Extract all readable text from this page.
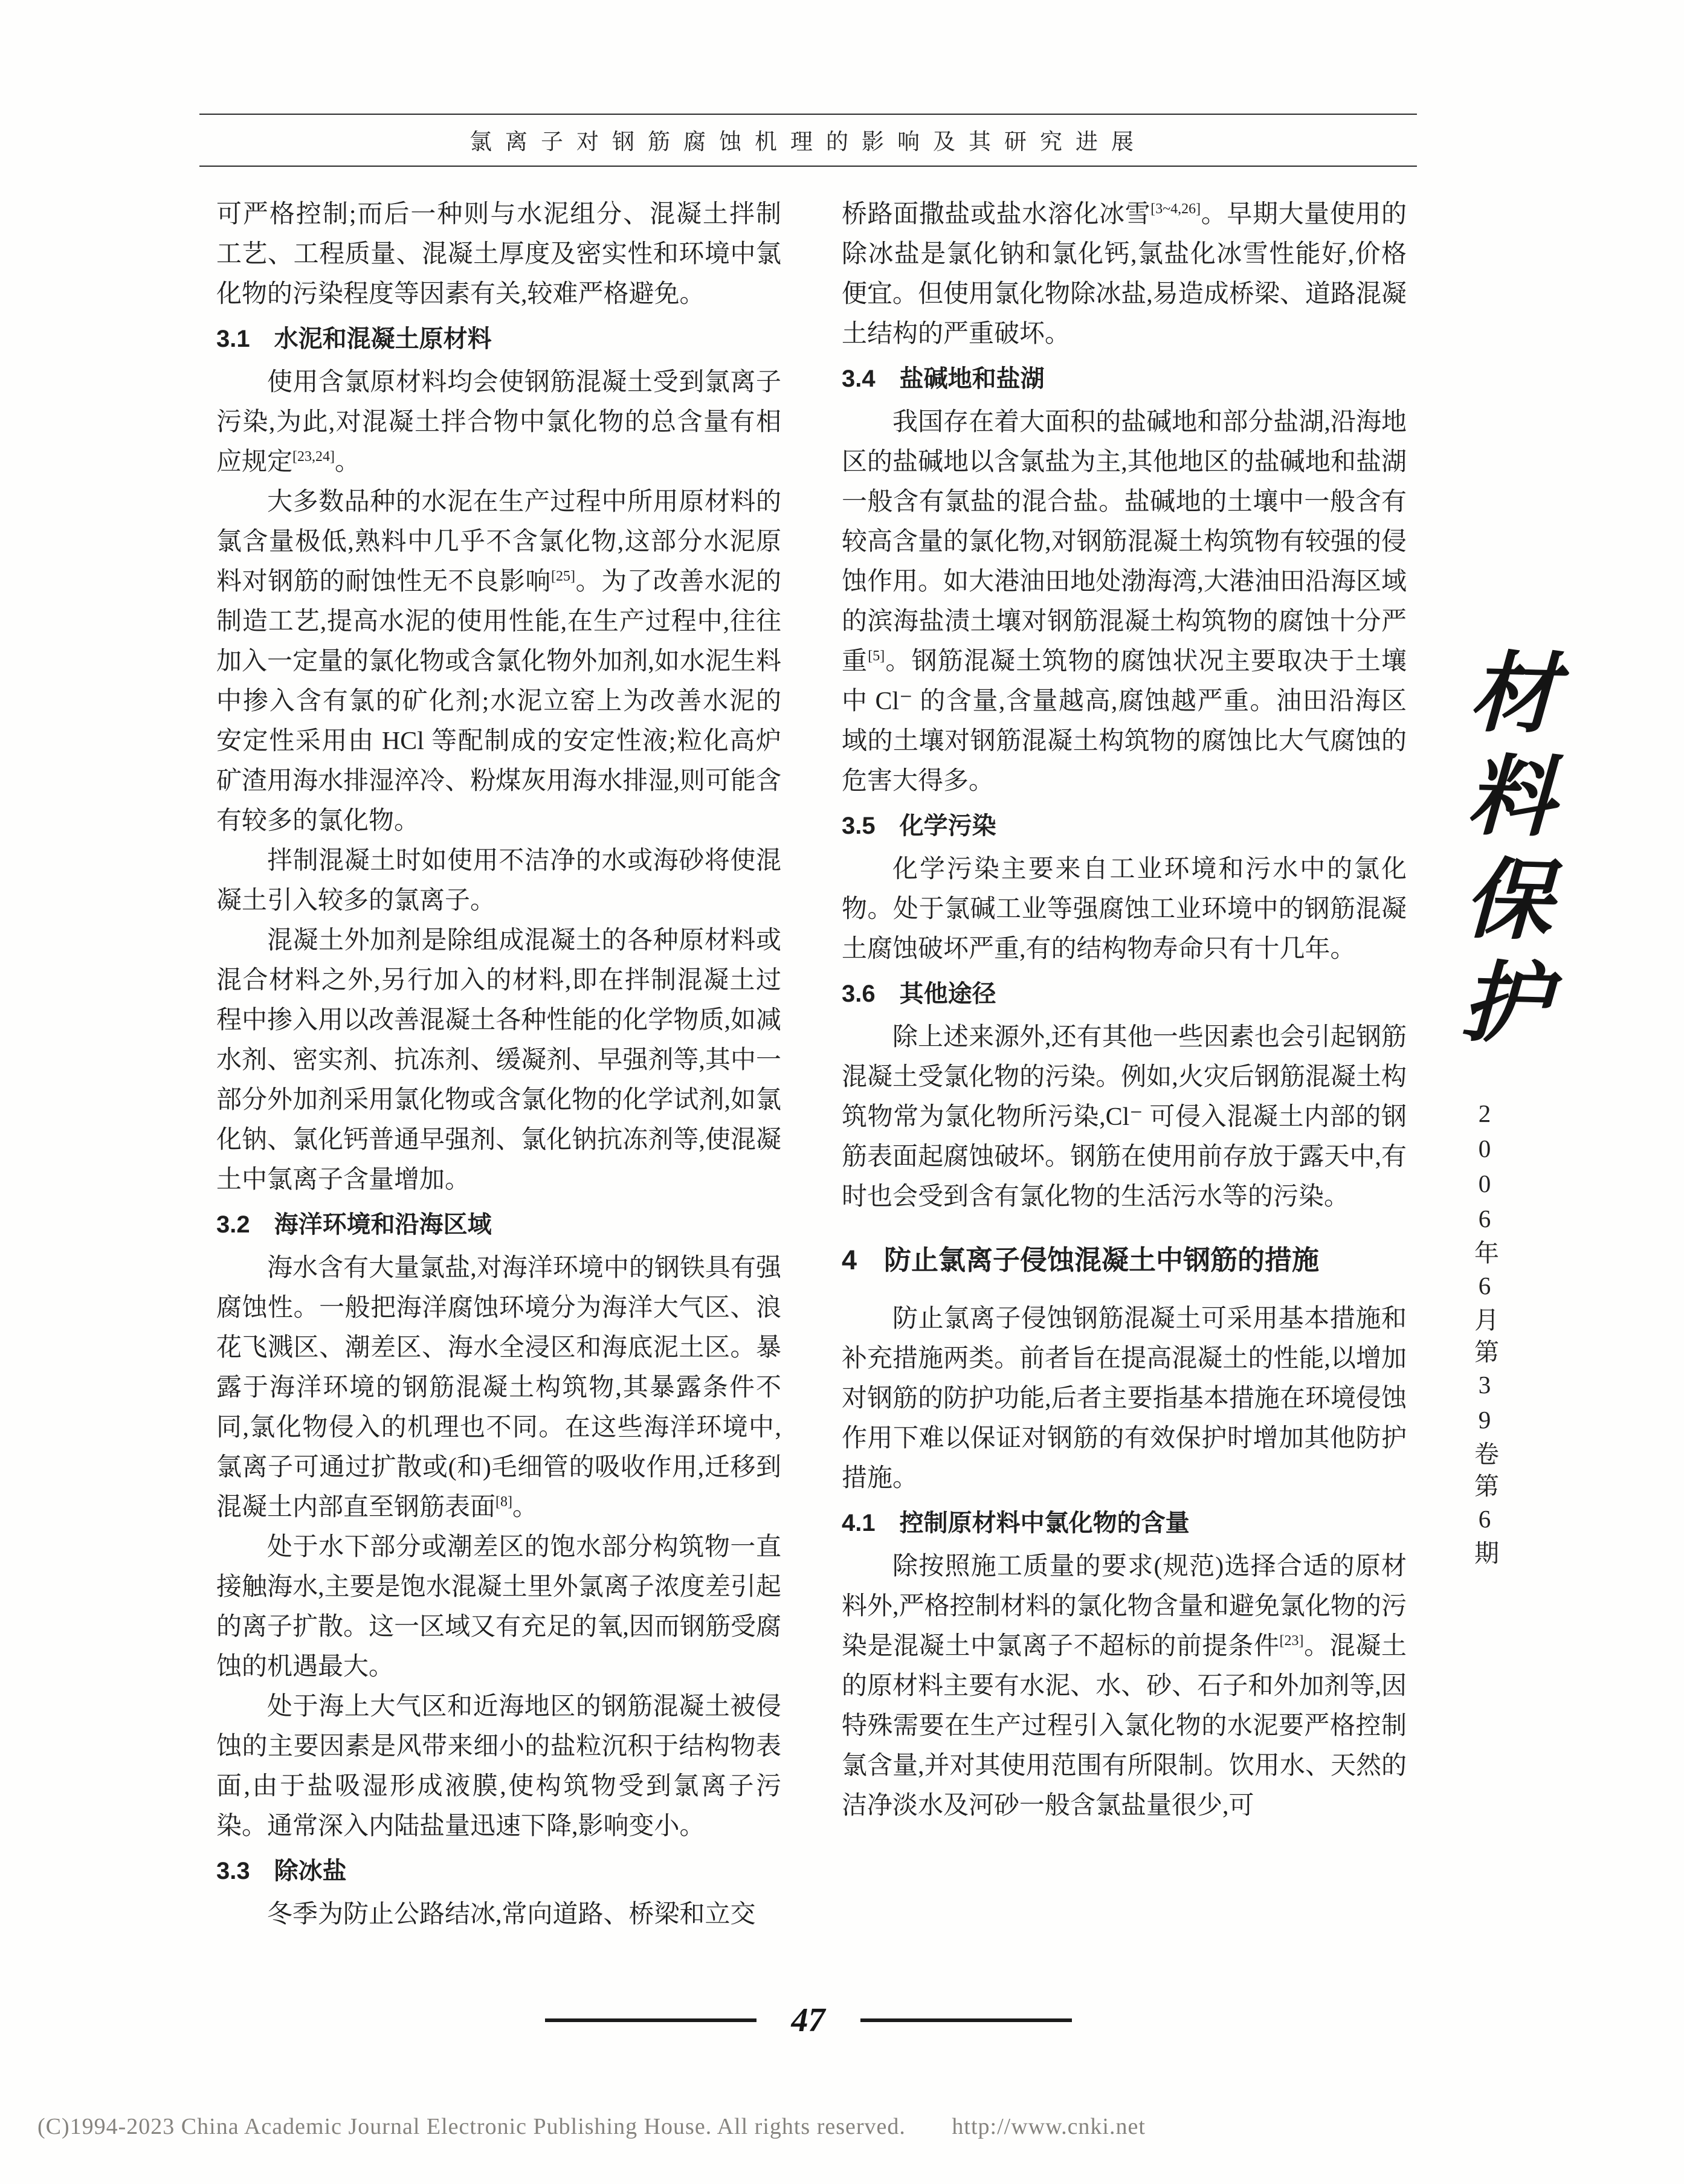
氯离子对钢筋腐蚀机理的影响及其研究进展
可严格控制;而后一种则与水泥组分、混凝土拌制工艺、工程质量、混凝土厚度及密实性和环境中氯化物的污染程度等因素有关,较难严格避免。
3.1　水泥和混凝土原材料
使用含氯原材料均会使钢筋混凝土受到氯离子污染,为此,对混凝土拌合物中氯化物的总含量有相应规定[23,24]。
大多数品种的水泥在生产过程中所用原材料的氯含量极低,熟料中几乎不含氯化物,这部分水泥原料对钢筋的耐蚀性无不良影响[25]。为了改善水泥的制造工艺,提高水泥的使用性能,在生产过程中,往往加入一定量的氯化物或含氯化物外加剂,如水泥生料中掺入含有氯的矿化剂;水泥立窑上为改善水泥的安定性采用由 HCl 等配制成的安定性液;粒化高炉矿渣用海水排湿淬冷、粉煤灰用海水排湿,则可能含有较多的氯化物。
拌制混凝土时如使用不洁净的水或海砂将使混凝土引入较多的氯离子。
混凝土外加剂是除组成混凝土的各种原材料或混合材料之外,另行加入的材料,即在拌制混凝土过程中掺入用以改善混凝土各种性能的化学物质,如减水剂、密实剂、抗冻剂、缓凝剂、早强剂等,其中一部分外加剂采用氯化物或含氯化物的化学试剂,如氯化钠、氯化钙普通早强剂、氯化钠抗冻剂等,使混凝土中氯离子含量增加。
3.2　海洋环境和沿海区域
海水含有大量氯盐,对海洋环境中的钢铁具有强腐蚀性。一般把海洋腐蚀环境分为海洋大气区、浪花飞溅区、潮差区、海水全浸区和海底泥土区。暴露于海洋环境的钢筋混凝土构筑物,其暴露条件不同,氯化物侵入的机理也不同。在这些海洋环境中,氯离子可通过扩散或(和)毛细管的吸收作用,迁移到混凝土内部直至钢筋表面[8]。
处于水下部分或潮差区的饱水部分构筑物一直接触海水,主要是饱水混凝土里外氯离子浓度差引起的离子扩散。这一区域又有充足的氧,因而钢筋受腐蚀的机遇最大。
处于海上大气区和近海地区的钢筋混凝土被侵蚀的主要因素是风带来细小的盐粒沉积于结构物表面,由于盐吸湿形成液膜,使构筑物受到氯离子污染。通常深入内陆盐量迅速下降,影响变小。
3.3　除冰盐
冬季为防止公路结冰,常向道路、桥梁和立交
桥路面撒盐或盐水溶化冰雪[3~4,26]。早期大量使用的除冰盐是氯化钠和氯化钙,氯盐化冰雪性能好,价格便宜。但使用氯化物除冰盐,易造成桥梁、道路混凝土结构的严重破坏。
3.4　盐碱地和盐湖
我国存在着大面积的盐碱地和部分盐湖,沿海地区的盐碱地以含氯盐为主,其他地区的盐碱地和盐湖一般含有氯盐的混合盐。盐碱地的土壤中一般含有较高含量的氯化物,对钢筋混凝土构筑物有较强的侵蚀作用。如大港油田地处渤海湾,大港油田沿海区域的滨海盐渍土壤对钢筋混凝土构筑物的腐蚀十分严重[5]。钢筋混凝土筑物的腐蚀状况主要取决于土壤中 Cl⁻ 的含量,含量越高,腐蚀越严重。油田沿海区域的土壤对钢筋混凝土构筑物的腐蚀比大气腐蚀的危害大得多。
3.5　化学污染
化学污染主要来自工业环境和污水中的氯化物。处于氯碱工业等强腐蚀工业环境中的钢筋混凝土腐蚀破坏严重,有的结构物寿命只有十几年。
3.6　其他途径
除上述来源外,还有其他一些因素也会引起钢筋混凝土受氯化物的污染。例如,火灾后钢筋混凝土构筑物常为氯化物所污染,Cl⁻ 可侵入混凝土内部的钢筋表面起腐蚀破坏。钢筋在使用前存放于露天中,有时也会受到含有氯化物的生活污水等的污染。
4　防止氯离子侵蚀混凝土中钢筋的措施
防止氯离子侵蚀钢筋混凝土可采用基本措施和补充措施两类。前者旨在提高混凝土的性能,以增加对钢筋的防护功能,后者主要指基本措施在环境侵蚀作用下难以保证对钢筋的有效保护时增加其他防护措施。
4.1　控制原材料中氯化物的含量
除按照施工质量的要求(规范)选择合适的原材料外,严格控制材料的氯化物含量和避免氯化物的污染是混凝土中氯离子不超标的前提条件[23]。混凝土的原材料主要有水泥、水、砂、石子和外加剂等,因特殊需要在生产过程引入氯化物的水泥要严格控制氯含量,并对其使用范围有所限制。饮用水、天然的洁净淡水及河砂一般含氯盐量很少,可
材料保护
2006年6月第39卷第6期
47
(C)1994-2023 China Academic Journal Electronic Publishing House. All rights reserved. http://www.cnki.net
